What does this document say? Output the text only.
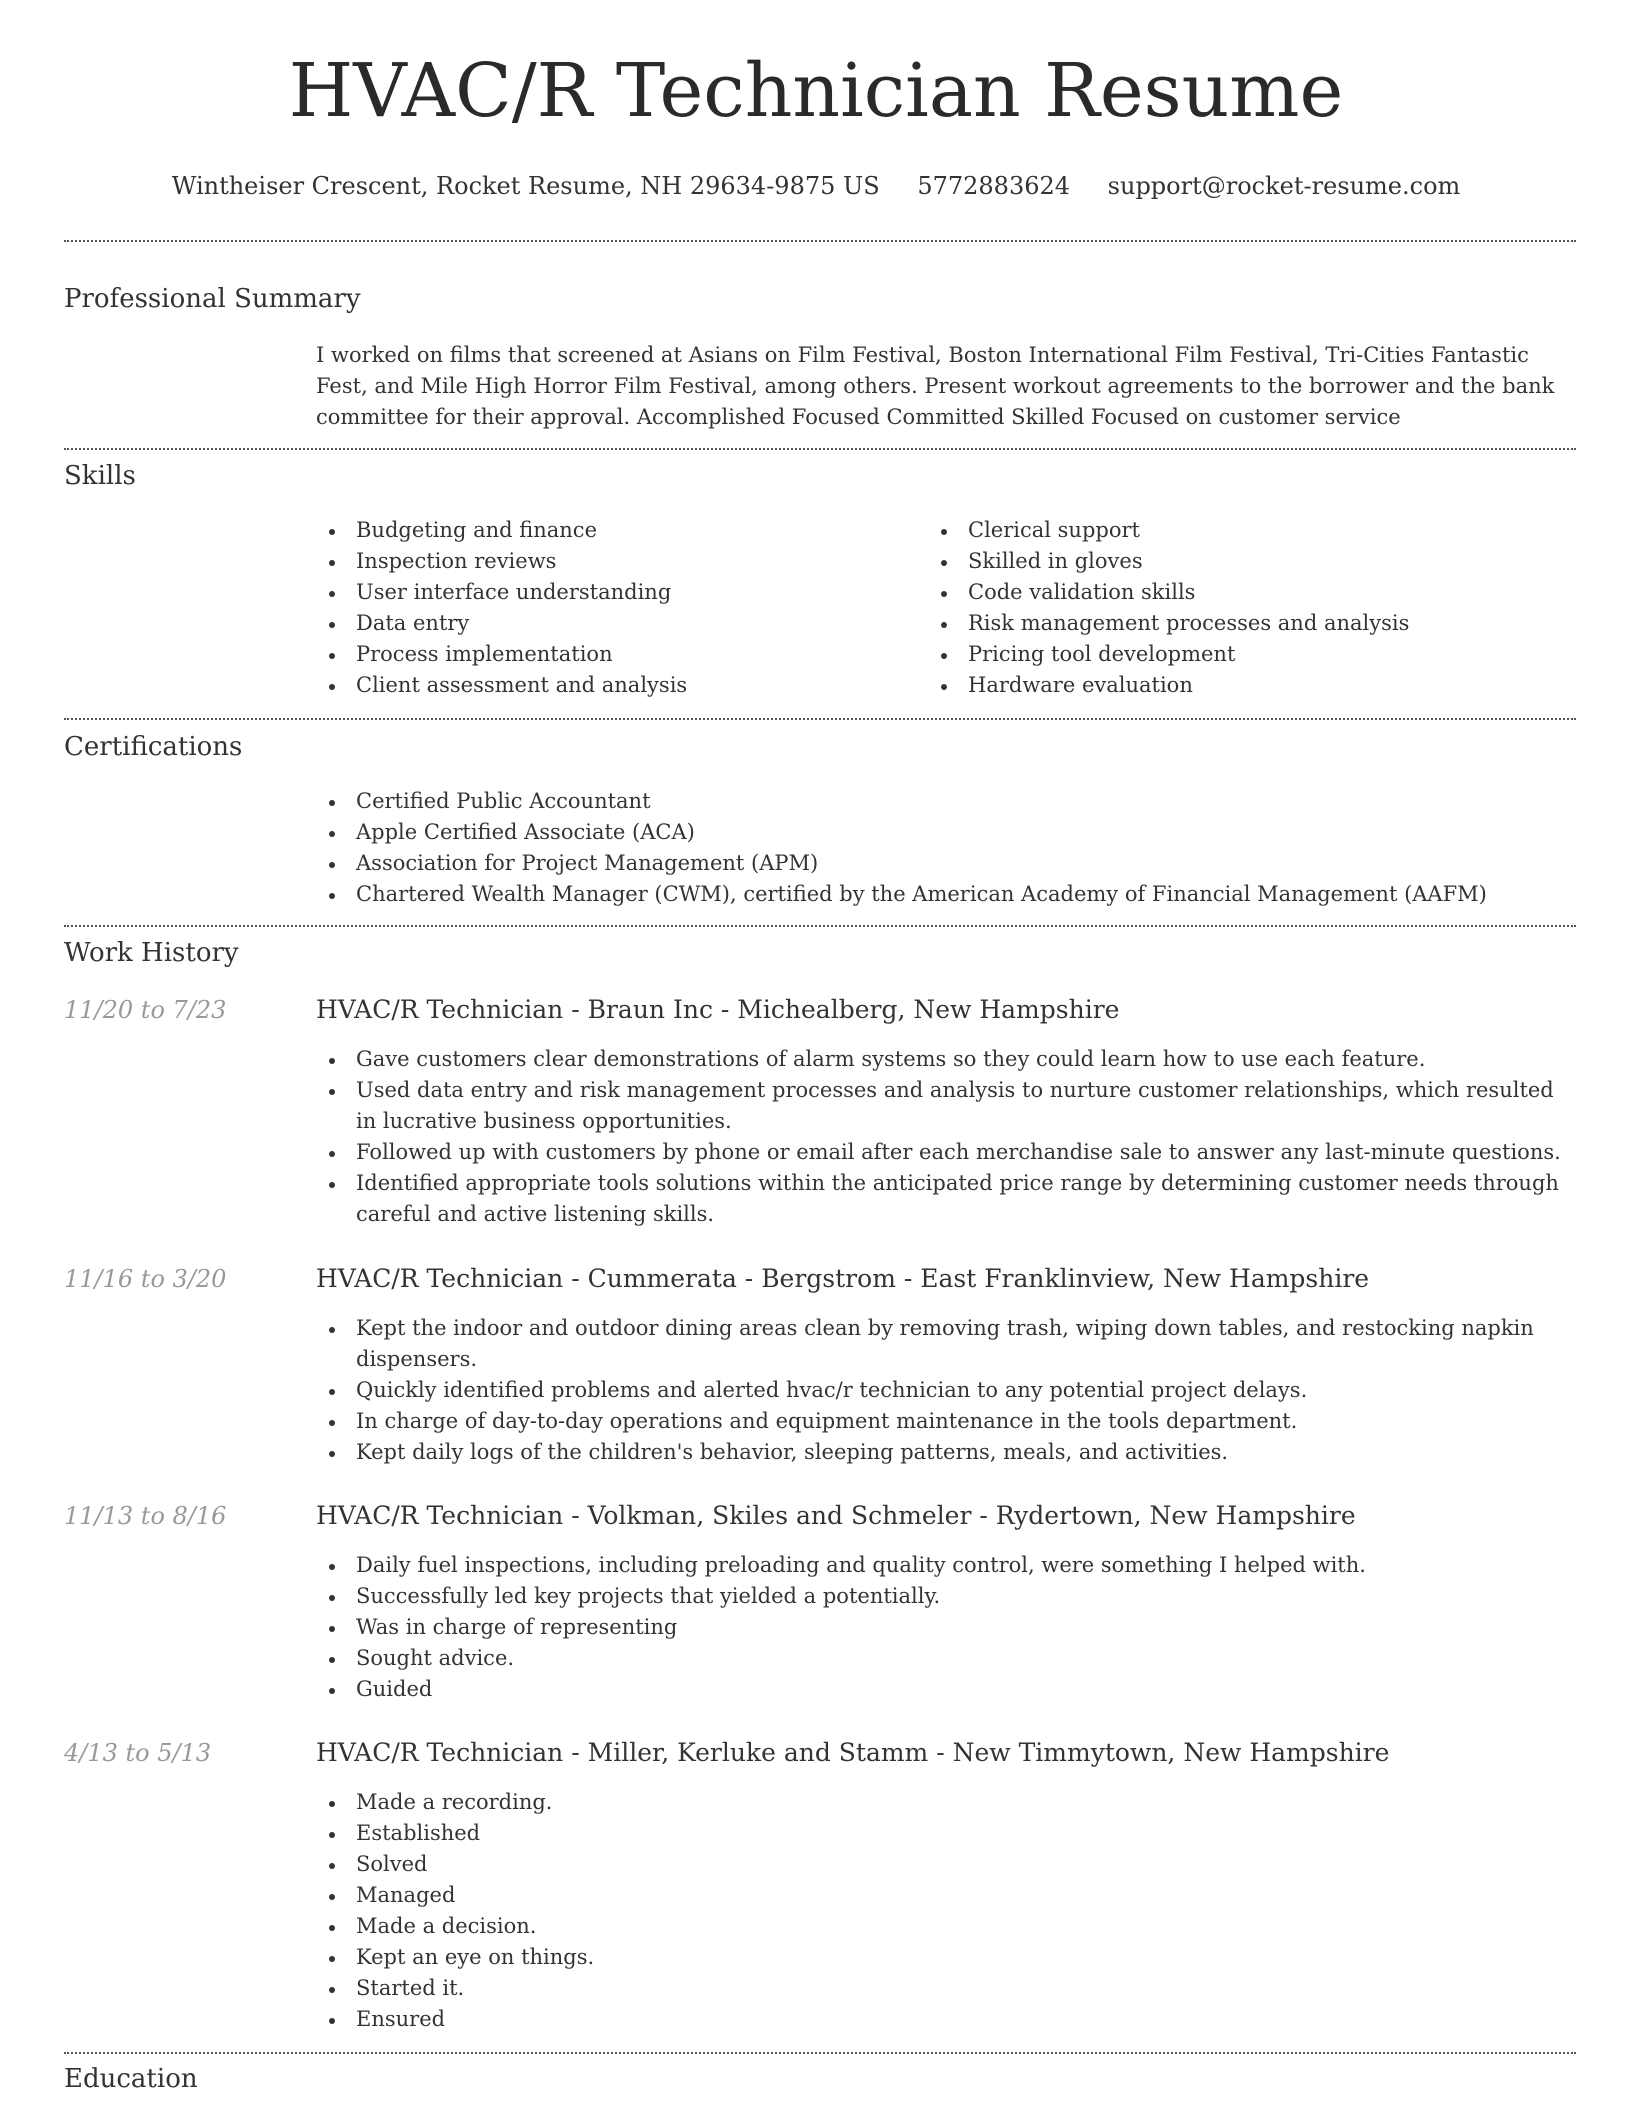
HVAC/R Technician Resume
Wintheiser Crescent, Rocket Resume, NH 29634-9875 US 5772883624 support@rocket-resume.com
Professional Summary

I worked on films that screened at Asians on Film Festival, Boston International Film Festival, Tri-Cities Fantastic Fest, and Mile High Horror Film Festival, among others. Present workout agreements to the borrower and the bank committee for their approval. Accomplished Focused Committed Skilled Focused on customer service

Skills
Budgeting and finance
Inspection reviews
User interface understanding
Data entry
Process implementation
Client assessment and analysis
Clerical support
Skilled in gloves
Code validation skills
Risk management processes and analysis
Pricing tool development
Hardware evaluation
Certifications
Certified Public Accountant
Apple Certified Associate (ACA)
Association for Project Management (APM)
Chartered Wealth Manager (CWM), certified by the American Academy of Financial Management (AAFM)
Work History
11/20 to 7/23	HVAC/R Technician - Braun Inc - Michealberg, New Hampshire
Gave customers clear demonstrations of alarm systems so they could learn how to use each feature.
Used data entry and risk management processes and analysis to nurture customer relationships, which resulted in lucrative business opportunities.
Followed up with customers by phone or email after each merchandise sale to answer any last-minute questions.
Identified appropriate tools solutions within the anticipated price range by determining customer needs through careful and active listening skills.
11/16 to 3/20	HVAC/R Technician - Cummerata - Bergstrom - East Franklinview, New Hampshire
Kept the indoor and outdoor dining areas clean by removing trash, wiping down tables, and restocking napkin dispensers.
Quickly identified problems and alerted hvac/r technician to any potential project delays.
In charge of day-to-day operations and equipment maintenance in the tools department.
Kept daily logs of the children's behavior, sleeping patterns, meals, and activities.
11/13 to 8/16	HVAC/R Technician - Volkman, Skiles and Schmeler - Rydertown, New Hampshire
Daily fuel inspections, including preloading and quality control, were something I helped with.
Successfully led key projects that yielded a potentially.
Was in charge of representing
Sought advice.
Guided
4/13 to 5/13	HVAC/R Technician - Miller, Kerluke and Stamm - New Timmytown, New Hampshire
Made a recording.
Established
Solved
Managed
Made a decision.
Kept an eye on things.
Started it.
Ensured
Education
